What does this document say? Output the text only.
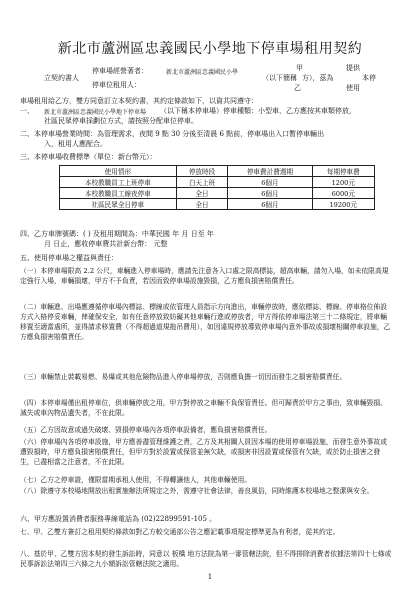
新北市蘆洲區忠義國民小學地下停車場租用契約
停車場經營著者：	新北市蘆洲區忠義國民小學
甲	提供
立契約書人	（以下簡稱 方），茲為	本停
停車位租用人：	乙	使用
車場租用給乙方，雙方同意訂立本契約書，其約定條款如下，以資共同遵守：
一、 新北市蘆洲區忠義國民小學地下停車場 （以下稱本停車場）停車種類：小型車，乙方應按其車類停放，
社區民眾停車採劃位方式，請按照分配車位停車。
二、本停車場營業時間：為管理需求，夜間 9 點 30 分後至清晨 6 點前，停車場出入口暫停車輛出
入，租用人應配合。
三、本停車場收費標準（單位：新台幣元）：
使用情形	停放時段	停車費計費週期	每期停車費
本校教職員工上班停車	白天上班	6個月	1200元
本校教職員工線夜停車	全日	6個月	6000元
社區民眾全日停車	全日	6個月	19200元
四、乙方車牌號碼：( ) 及租用期間為：中華民國 年 月 日至 年
月 日止，應收停車費共計新台幣： 元整
五、使用停車場之權益與責任：
（一）本停車場限高 2.2 公尺，車輛進入停車場時，應請先注意各入口處之限高標誌，超高車輛，請勿入場，如未依限高規定強行入場，車輛損壞，甲方不予負責，若因而致停車場設施毀損，乙方應負損害賠償責任。
（二）車輛進、出場應遵循停車場內標誌、標線或依管理人員指示方向進出，車輛停放時，應依標誌、標線、停車格位佈設方式入格停妥車輛，俾確保安全，如有任意停放致妨礙其他車輛行進或停放者，甲方得依停車場法第三十二條規定，將車輛移置至適當處所，並得請求移置費（不得超過道規拖吊費用），如因違規停放導致停車場內意外事故或損壞相關停車設施，乙方應負損害賠償責任。
（三）車輛禁止裝載易燃、易爆或其他危險物品進入停車場停放，否則應負擔一切因而發生之損害賠償責任。
（四）本停車場僅出租停車位，供車輛停放之用，甲方對停放之車輛不負保管責任。但可歸責於甲方之事由，致車輛毀損、滅失或車內物品遺失者，不在此限。
（五）乙方因故意或過失破壞、毀損停車場內各項停車設備者，應負損害賠償責任。
（六）停車場內各項停車設施，甲方應善盡管理維護之責，乙方及其相關人員因本場的使用停車場設施，而發生意外事故或遭毀損時，甲方應負損害賠償責任，但甲方對於設置或保管並無欠缺，或損害非因設置或保管有欠缺，或於防止損害之發生，已盡相當之注意者，不在此限。
（七）乙方之停車證，僅限當期承租人使用，不得轉讓他人，其他車輛使用。
（八）除遵守本校場地開放出租實施辦法所規定之外，需遵守社會法律，善良風俗，同時維護本校場地之整潔與安全。
六、甲方應設置消費者服務專線電話為 (02)22899591-105 。
七、甲、乙雙方簽訂之租用契約條款如對乙方較交通部公告之應記載事項規定標準更為有利者，從其約定。
八、基於甲、乙雙方因本契約發生訴訟時，同意以 板橋 地方法院為第一審管轄法院，但不得排除消費者依據法第四十七條或民事訴訟法第四三六條之九小額訴訟管轄法院之適用。
1
